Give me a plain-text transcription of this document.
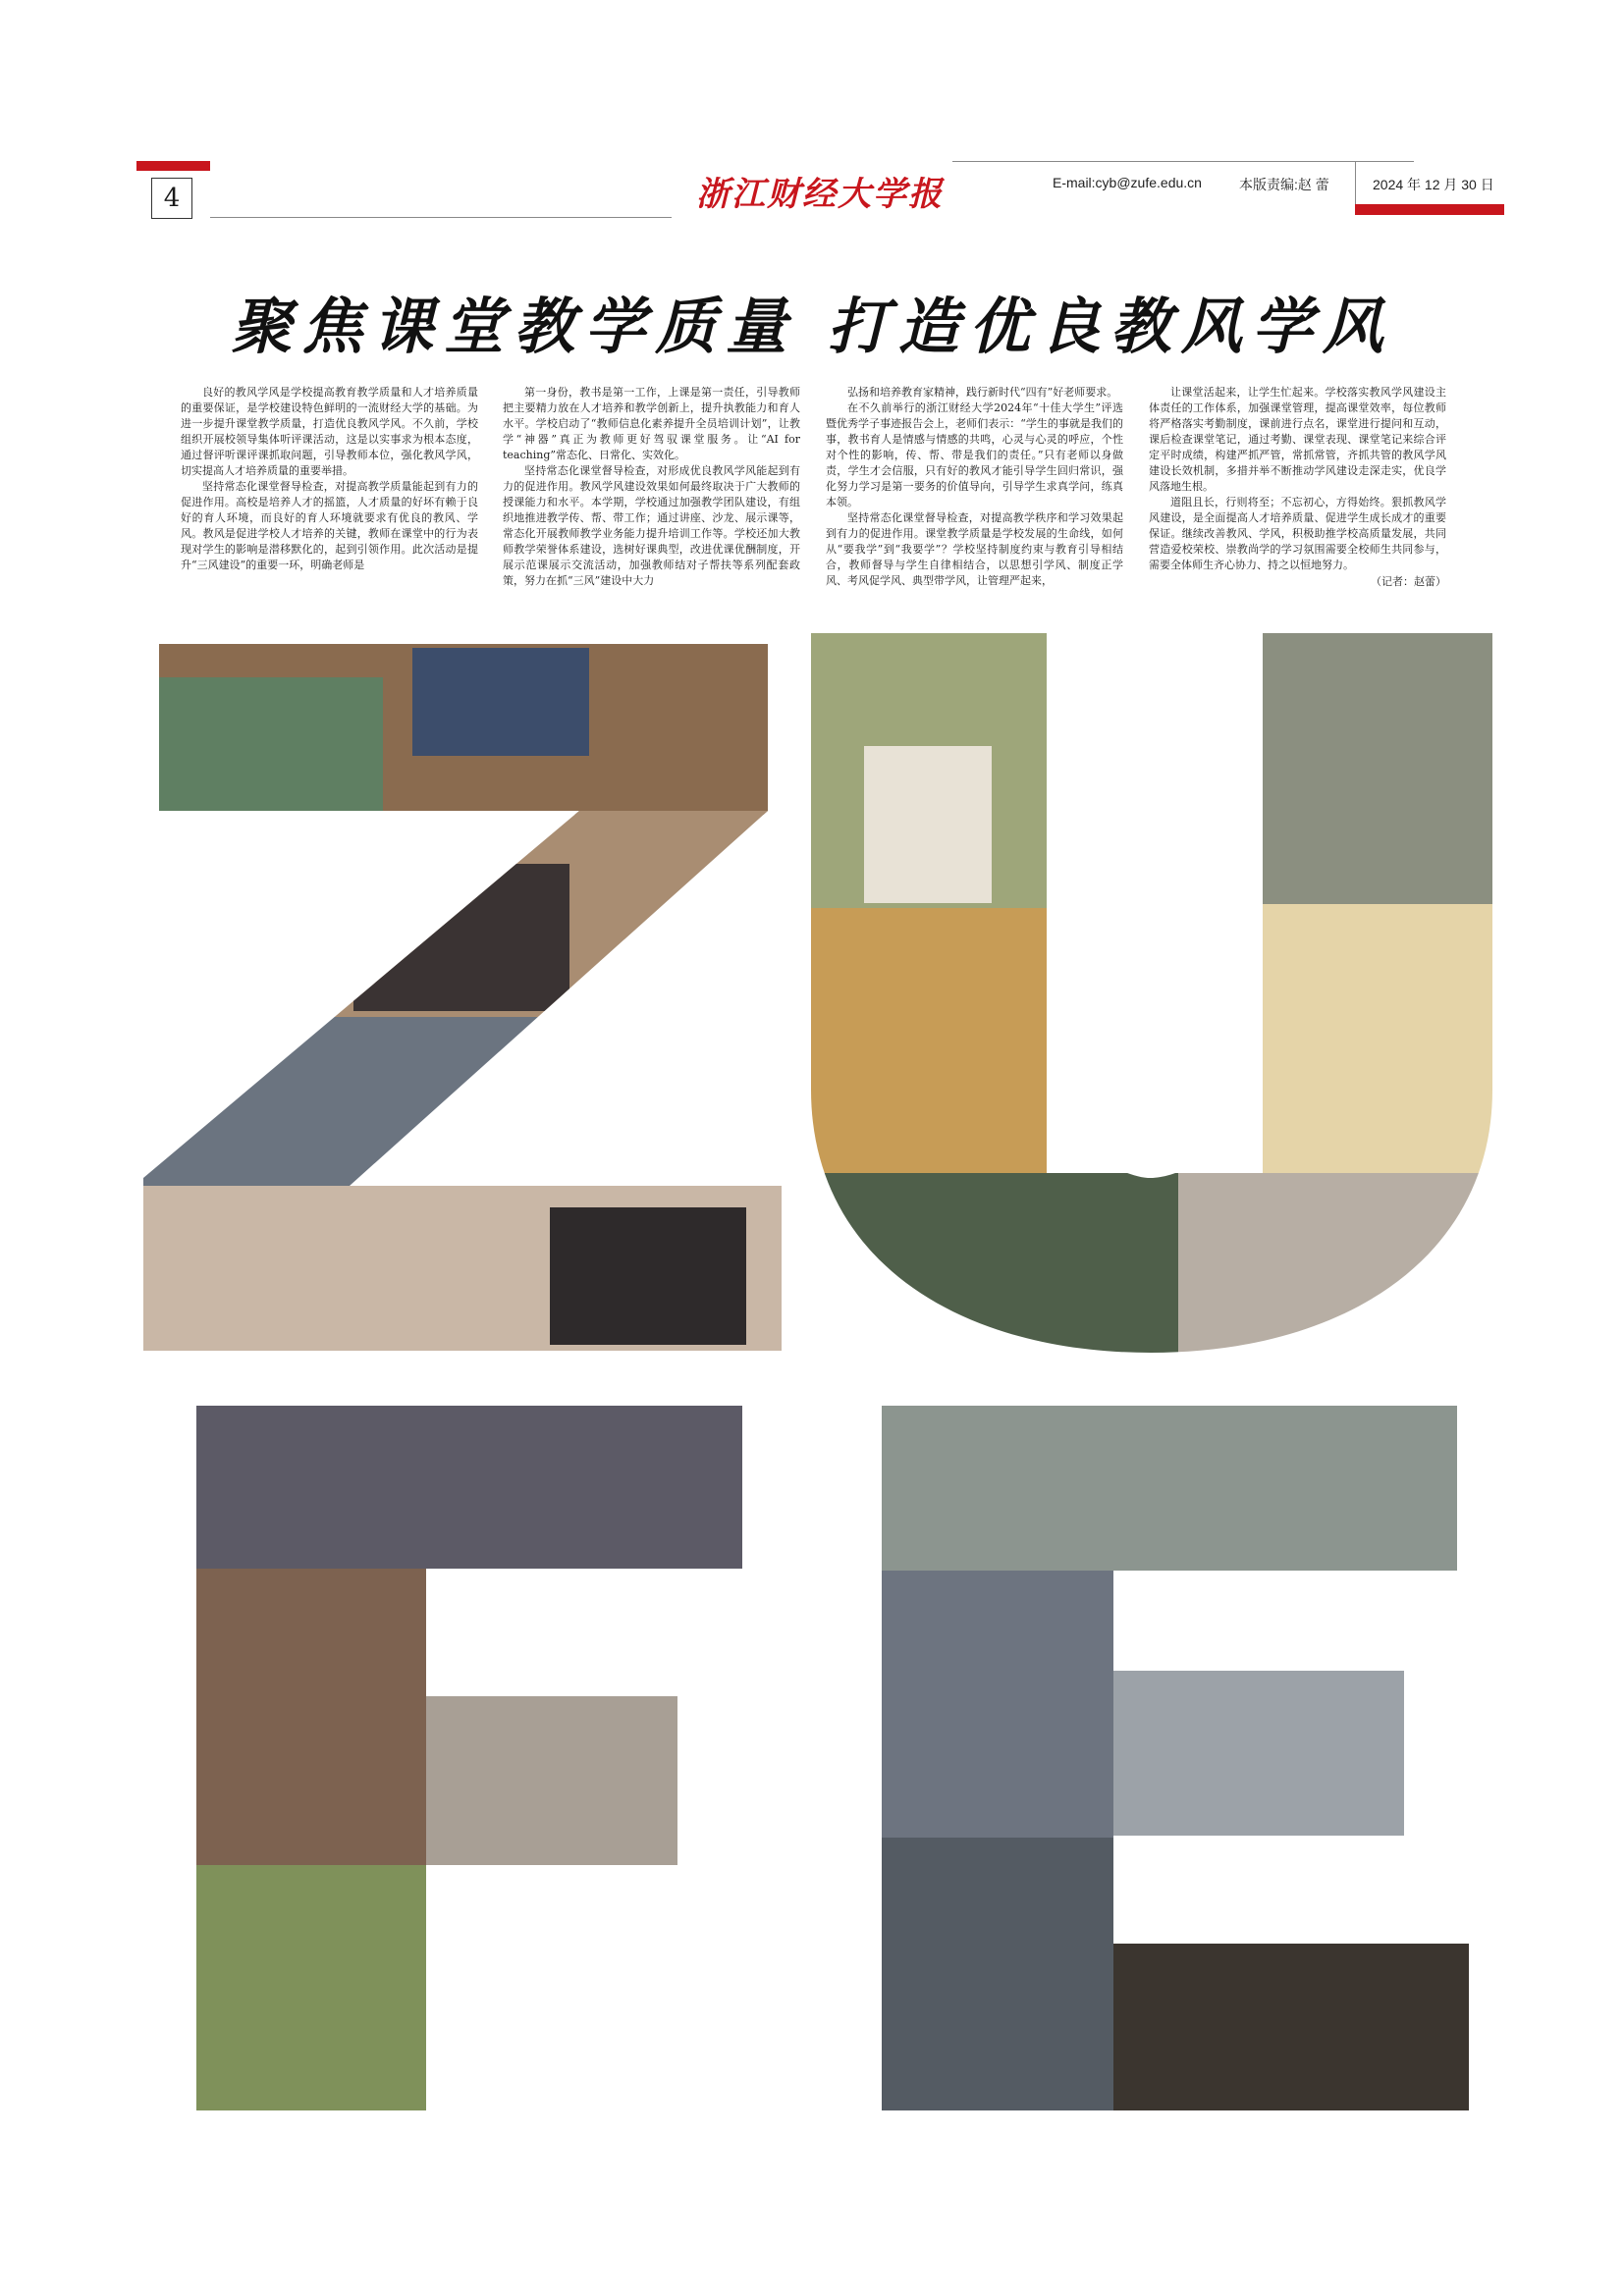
4	浙江财经大学报	E-mail:cyb@zufe.edu.cn	本版责编:赵 蕾	2024 年 12 月 30 日
聚焦课堂教学质量 打造优良教风学风

良好的教风学风是学校提高教育教学质量和人才培养质量的重要保证，是学校建设特色鲜明的一流财经大学的基础。为进一步提升课堂教学质量，打造优良教风学风。不久前，学校组织开展校领导集体听评课活动，这是以实事求为根本态度，通过督评听课评课抓取问题，引导教师本位，强化教风学风，切实提高人才培养质量的重要举措。

坚持常态化课堂督导检查，对提高教学质量能起到有力的促进作用。高校是培养人才的摇篮，人才质量的好坏有赖于良好的育人环境，而良好的育人环境就要求有优良的教风、学风。教风是促进学校人才培养的关键，教师在课堂中的行为表现对学生的影响是潜移默化的，起到引领作用。此次活动是提升“三风建设”的重要一环，明确老师是

第一身份，教书是第一工作，上课是第一责任，引导教师把主要精力放在人才培养和教学创新上，提升执教能力和育人水平。学校启动了“教师信息化素养提升全员培训计划”，让教学“神器”真正为教师更好驾驭课堂服务。让“AI for teaching”常态化、日常化、实效化。

坚持常态化课堂督导检查，对形成优良教风学风能起到有力的促进作用。教风学风建设效果如何最终取决于广大教师的授课能力和水平。本学期，学校通过加强教学团队建设，有组织地推进教学传、帮、带工作；通过讲座、沙龙、展示课等，常态化开展教师教学业务能力提升培训工作等。学校还加大教师教学荣誉体系建设，选树好课典型，改进优课优酬制度，开展示范课展示交流活动，加强教师结对子帮扶等系列配套政策，努力在抓“三风”建设中大力

弘扬和培养教育家精神，践行新时代“四有”好老师要求。

在不久前举行的浙江财经大学2024年“十佳大学生”评选暨优秀学子事迹报告会上，老师们表示：“学生的事就是我们的事，教书育人是情感与情感的共鸣，心灵与心灵的呼应，个性对个性的影响，传、帮、带是我们的责任。”只有老师以身做责，学生才会信服，只有好的教风才能引导学生回归常识，强化努力学习是第一要务的价值导向，引导学生求真学问，练真本领。

坚持常态化课堂督导检查，对提高教学秩序和学习效果起到有力的促进作用。课堂教学质量是学校发展的生命线，如何从“要我学”到“我要学”？学校坚持制度约束与教育引导相结合，教师督导与学生自律相结合，以思想引学风、制度正学风、考风促学风、典型带学风，让管理严起来，

让课堂活起来，让学生忙起来。学校落实教风学风建设主体责任的工作体系，加强课堂管理，提高课堂效率，每位教师将严格落实考勤制度，课前进行点名，课堂进行提问和互动，课后检查课堂笔记，通过考勤、课堂表现、课堂笔记来综合评定平时成绩，构建严抓严管，常抓常管，齐抓共管的教风学风建设长效机制，多措并举不断推动学风建设走深走实，优良学风落地生根。

道阻且长，行则将至；不忘初心，方得始终。狠抓教风学风建设，是全面提高人才培养质量、促进学生成长成才的重要保证。继续改善教风、学风，积极助推学校高质量发展，共同营造爱校荣校、崇教尚学的学习氛围需要全校师生共同参与，需要全体师生齐心协力、持之以恒地努力。

（记者：赵蕾）
